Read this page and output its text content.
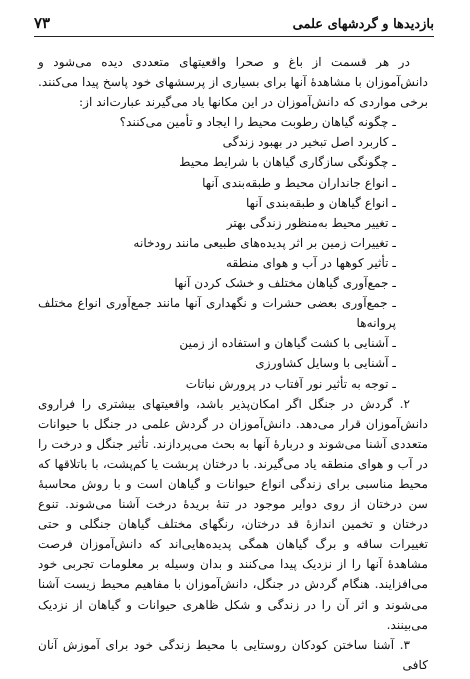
بازدیدها و گردشهای علمی
۷۳

در هر قسمت از باغ و صحرا واقعیتهای متعددی دیده می‌شود و دانش‌آموزان با مشاهدهٔ آنها برای بسیاری از پرسشهای خود پاسخ پیدا می‌کنند. برخی مواردی که دانش‌آموزان در این مکانها یاد می‌گیرند عبارت‌اند از:

ـ چگونه گیاهان رطوبت محیط را ایجاد و تأمین می‌کنند؟
ـ کاربرد اصل تبخیر در بهبود زندگی
ـ چگونگی سازگاری گیاهان با شرایط محیط
ـ انواع جانداران محیط و طبقه‌بندی آنها
ـ انواع گیاهان و طبقه‌بندی آنها
ـ تغییر محیط به‌منظور زندگی بهتر
ـ تغییرات زمین بر اثر پدیده‌های طبیعی مانند رودخانه
ـ تأثیر کوهها در آب و هوای منطقه
ـ جمع‌آوری گیاهان مختلف و خشک کردن آنها
ـ جمع‌آوری بعضی حشرات و نگهداری آنها مانند جمع‌آوری انواع مختلف پروانه‌ها
ـ آشنایی با کشت گیاهان و استفاده از زمین
ـ آشنایی با وسایل کشاورزی
ـ توجه به تأثیر نور آفتاب در پرورش نباتات

۲. گردش در جنگل اگر امکان‌پذیر باشد، واقعیتهای بیشتری را فراروی دانش‌آموزان قرار می‌دهد. دانش‌آموزان در گردش علمی در جنگل با حیوانات متعددی آشنا می‌شوند و دربارهٔ آنها به بحث می‌پردازند. تأثیر جنگل و درخت را در آب و هوای منطقه یاد می‌گیرند. با درختان پربشت یا کم‌پشت، با باتلاقها که محیط مناسبی برای زندگی انواع حیوانات و گیاهان است و با روش محاسبهٔ سن درختان از روی دوایر موجود در تنهٔ بریدهٔ درخت آشنا می‌شوند. تنوع درختان و تخمین اندازهٔ قد درختان، رنگهای مختلف گیاهان جنگلی و حتی تغییرات ساقه و برگ گیاهان همگی پدیده‌هایی‌اند که دانش‌آموزان فرصت مشاهدهٔ آنها را از نزدیک پیدا می‌کنند و بدان وسیله بر معلومات تجربی خود می‌افزایند. هنگام گردش در جنگل، دانش‌آموزان با مفاهیم محیط زیست آشنا می‌شوند و اثر آن را در زندگی و شکل ظاهری حیوانات و گیاهان از نزدیک می‌بینند.

۳. آشنا ساختن کودکان روستایی با محیط زندگی خود برای آموزش آنان کافی
